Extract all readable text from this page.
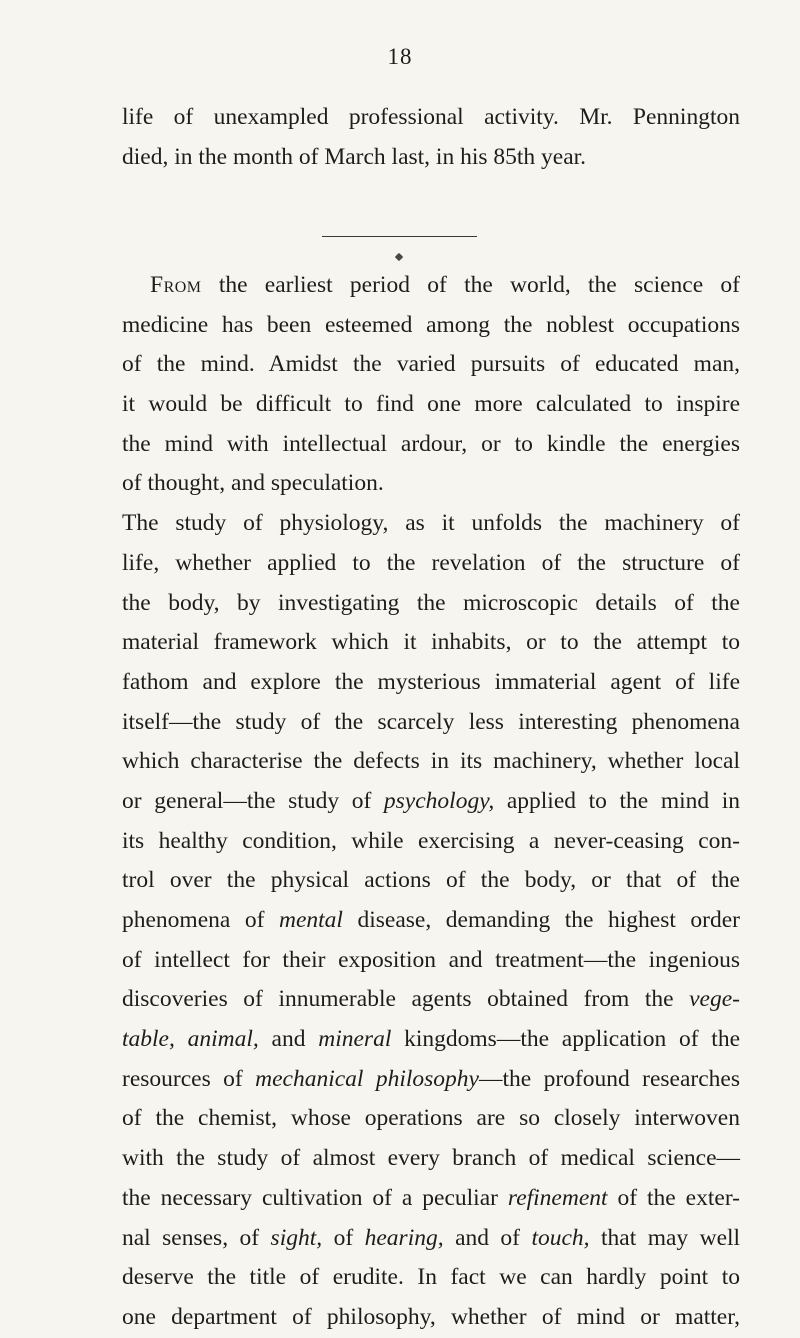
18
life of unexampled professional activity. Mr. Pennington
died, in the month of March last, in his 85th year.
From the earliest period of the world, the science of
medicine has been esteemed among the noblest occupations
of the mind. Amidst the varied pursuits of educated man,
it would be difficult to find one more calculated to inspire
the mind with intellectual ardour, or to kindle the energies
of thought, and speculation.
The study of physiology, as it unfolds the machinery of
life, whether applied to the revelation of the structure of
the body, by investigating the microscopic details of the
material framework which it inhabits, or to the attempt to
fathom and explore the mysterious immaterial agent of life
itself—the study of the scarcely less interesting phenomena
which characterise the defects in its machinery, whether local
or general—the study of psychology, applied to the mind in
its healthy condition, while exercising a never-ceasing con-
trol over the physical actions of the body, or that of the
phenomena of mental disease, demanding the highest order
of intellect for their exposition and treatment—the ingenious
discoveries of innumerable agents obtained from the vege-
table, animal, and mineral kingdoms—the application of the
resources of mechanical philosophy—the profound researches
of the chemist, whose operations are so closely interwoven
with the study of almost every branch of medical science—
the necessary cultivation of a peculiar refinement of the exter-
nal senses, of sight, of hearing, and of touch, that may well
deserve the title of erudite. In fact we can hardly point to
one department of philosophy, whether of mind or matter,
